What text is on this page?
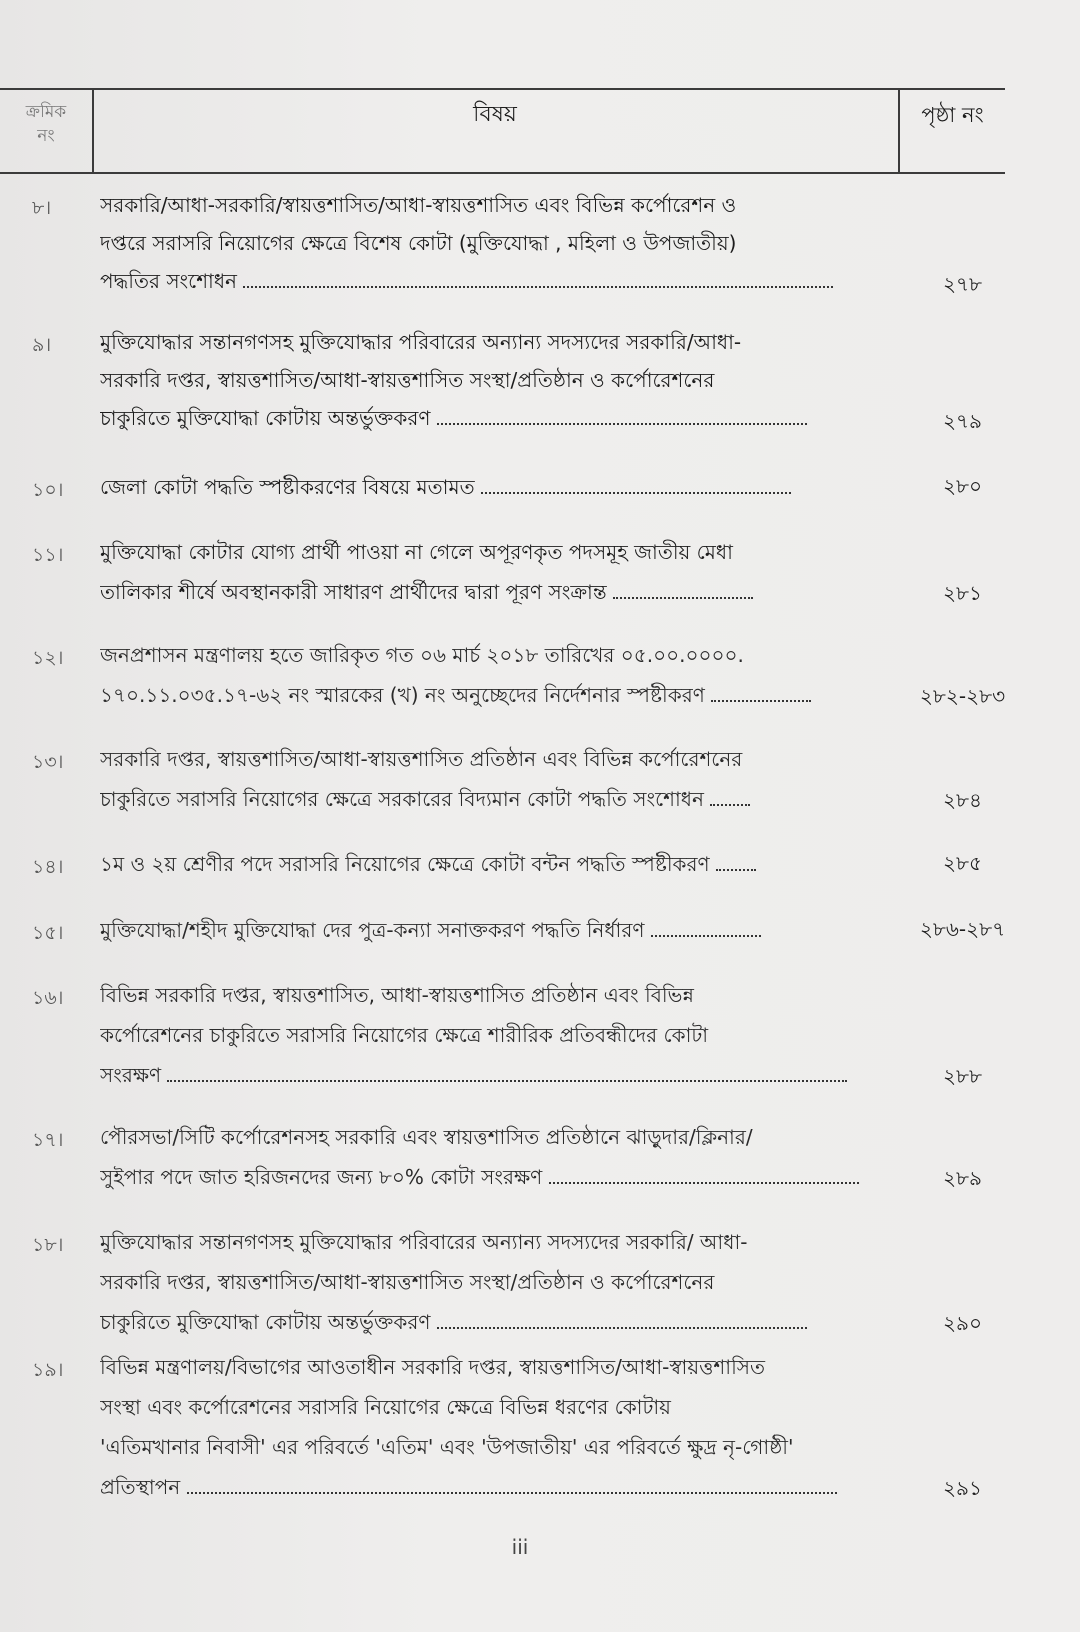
ক্রমিক
নং
বিষয়	পৃষ্ঠা নং
৮।	সরকারি/আধা-সরকারি/স্বায়ত্তশাসিত/আধা-স্বায়ত্তশাসিত এবং বিভিন্ন কর্পোরেশন ও
দপ্তরে সরাসরি নিয়োগের ক্ষেত্রে বিশেষ কোটা (মুক্তিযোদ্ধা , মহিলা ও উপজাতীয়)
পদ্ধতির সংশোধন	২৭৮
৯।	মুক্তিযোদ্ধার সন্তানগণসহ মুক্তিযোদ্ধার পরিবারের অন্যান্য সদস্যদের সরকারি/আধা-
সরকারি দপ্তর, স্বায়ত্তশাসিত/আধা-স্বায়ত্তশাসিত সংস্থা/প্রতিষ্ঠান ও কর্পোরেশনের
চাকুরিতে মুক্তিযোদ্ধা কোটায় অন্তর্ভুক্তকরণ	২৭৯
১০।	জেলা কোটা পদ্ধতি স্পষ্টীকরণের বিষয়ে মতামত	২৮০
১১।	মুক্তিযোদ্ধা কোটার যোগ্য প্রার্থী পাওয়া না গেলে অপূরণকৃত পদসমূহ জাতীয় মেধা
তালিকার শীর্ষে অবস্থানকারী সাধারণ প্রার্থীদের দ্বারা পূরণ সংক্রান্ত	২৮১
১২।	জনপ্রশাসন মন্ত্রণালয় হতে জারিকৃত গত ০৬ মার্চ ২০১৮ তারিখের ০৫.০০.০০০০.
১৭০.১১.০৩৫.১৭-৬২ নং স্মারকের (খ) নং অনুচ্ছেদের নির্দেশনার স্পষ্টীকরণ	২৮২-২৮৩
১৩।	সরকারি দপ্তর, স্বায়ত্তশাসিত/আধা-স্বায়ত্তশাসিত প্রতিষ্ঠান এবং বিভিন্ন কর্পোরেশনের
চাকুরিতে সরাসরি নিয়োগের ক্ষেত্রে সরকারের বিদ্যমান কোটা পদ্ধতি সংশোধন	২৮৪
১৪।	১ম ও ২য় শ্রেণীর পদে সরাসরি নিয়োগের ক্ষেত্রে কোটা বন্টন পদ্ধতি স্পষ্টীকরণ	২৮৫
১৫।	মুক্তিযোদ্ধা/শহীদ মুক্তিযোদ্ধা দের পুত্র-কন্যা সনাক্তকরণ পদ্ধতি নির্ধারণ	২৮৬-২৮৭
১৬।	বিভিন্ন সরকারি দপ্তর, স্বায়ত্তশাসিত, আধা-স্বায়ত্তশাসিত প্রতিষ্ঠান এবং বিভিন্ন
কর্পোরেশনের চাকুরিতে সরাসরি নিয়োগের ক্ষেত্রে শারীরিক প্রতিবন্ধীদের কোটা
সংরক্ষণ	২৮৮
১৭।	পৌরসভা/সিটি কর্পোরেশনসহ সরকারি এবং স্বায়ত্তশাসিত প্রতিষ্ঠানে ঝাড়ুদার/ক্লিনার/
সুইপার পদে জাত হরিজনদের জন্য ৮০% কোটা সংরক্ষণ	২৮৯
১৮।	মুক্তিযোদ্ধার সন্তানগণসহ মুক্তিযোদ্ধার পরিবারের অন্যান্য সদস্যদের সরকারি/ আধা-
সরকারি দপ্তর, স্বায়ত্তশাসিত/আধা-স্বায়ত্তশাসিত সংস্থা/প্রতিষ্ঠান ও কর্পোরেশনের
চাকুরিতে মুক্তিযোদ্ধা কোটায় অন্তর্ভুক্তকরণ	২৯০
১৯।	বিভিন্ন মন্ত্রণালয়/বিভাগের আওতাধীন সরকারি দপ্তর, স্বায়ত্তশাসিত/আধা-স্বায়ত্তশাসিত
সংস্থা এবং কর্পোরেশনের সরাসরি নিয়োগের ক্ষেত্রে বিভিন্ন ধরণের কোটায়
'এতিমখানার নিবাসী' এর পরিবর্তে 'এতিম' এবং 'উপজাতীয়' এর পরিবর্তে ক্ষুদ্র নৃ-গোষ্ঠী'
প্রতিস্থাপন	২৯১
iii
